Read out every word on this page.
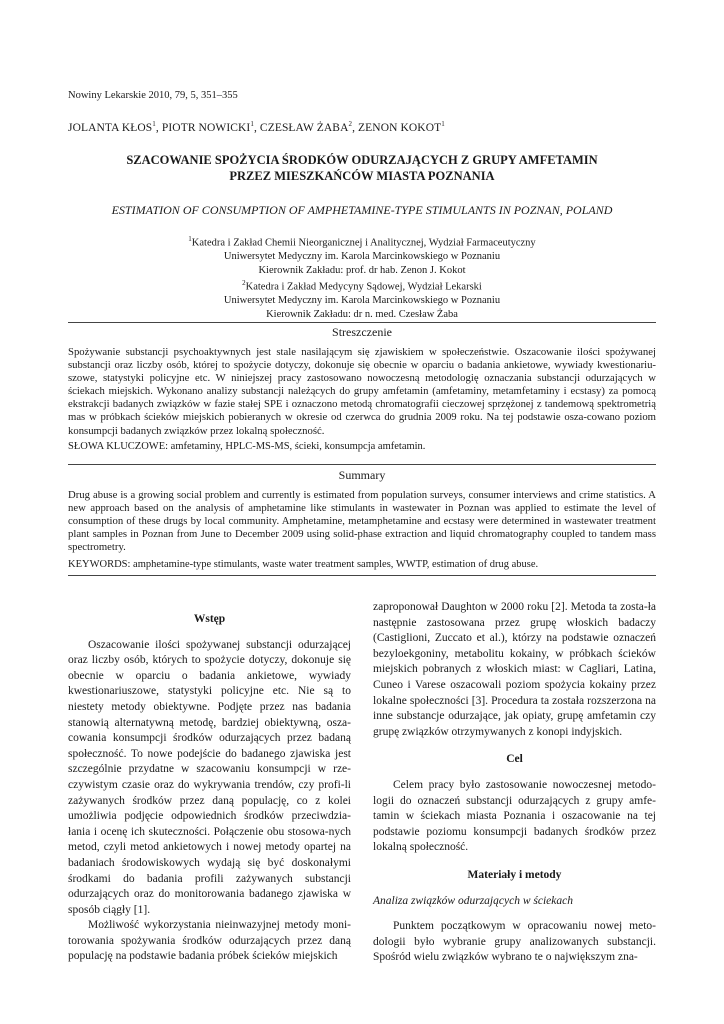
Nowiny Lekarskie 2010, 79, 5, 351–355
JOLANTA KŁOS$^1$, PIOTR NOWICKI$^1$, CZESŁAW ŻABA$^2$, ZENON KOKOT$^1$
SZACOWANIE SPOŻYCIA ŚRODKÓW ODURZAJĄCYCH Z GRUPY AMFETAMIN
PRZEZ MIESZKAŃCÓW MIASTA POZNANIA
ESTIMATION OF CONSUMPTION OF AMPHETAMINE-TYPE STIMULANTS IN POZNAN, POLAND
$^1$Katedra i Zakład Chemii Nieorganicznej i Analitycznej, Wydział Farmaceutyczny
Uniwersytet Medyczny im. Karola Marcinkowskiego w Poznaniu
Kierownik Zakładu: prof. dr hab. Zenon J. Kokot
$^2$Katedra i Zakład Medycyny Sądowej, Wydział Lekarski
Uniwersytet Medyczny im. Karola Marcinkowskiego w Poznaniu
Kierownik Zakładu: dr n. med. Czesław Żaba
Streszczenie

Spożywanie substancji psychoaktywnych jest stale nasilającym się zjawiskiem w społeczeństwie. Oszacowanie ilości spożywanej substancji oraz liczby osób, której to spożycie dotyczy, dokonuje się obecnie w oparciu o badania ankietowe, wywiady kwestionariu-szowe, statystyki policyjne etc. W niniejszej pracy zastosowano nowoczesną metodologię oznaczania substancji odurzających w ściekach miejskich. Wykonano analizy substancji należących do grupy amfetamin (amfetaminy, metamfetaminy i ecstasy) za pomocą ekstrakcji badanych związków w fazie stałej SPE i oznaczono metodą chromatografii cieczowej sprzężonej z tandemową spektrometrią mas w próbkach ścieków miejskich pobieranych w okresie od czerwca do grudnia 2009 roku. Na tej podstawie osza-cowano poziom konsumpcji badanych związków przez lokalną społeczność.

SŁOWA KLUCZOWE: amfetaminy, HPLC-MS-MS, ścieki, konsumpcja amfetamin.
Summary

Drug abuse is a growing social problem and currently is estimated from population surveys, consumer interviews and crime statistics. A new approach based on the analysis of amphetamine like stimulants in wastewater in Poznan was applied to estimate the level of consumption of these drugs by local community. Amphetamine, metamphetamine and ecstasy were determined in wastewater treatment plant samples in Poznan from June to December 2009 using solid-phase extraction and liquid chromatography coupled to tandem mass spectrometry.

KEYWORDS: amphetamine-type stimulants, waste water treatment samples, WWTP, estimation of drug abuse.
Wstęp

Oszacowanie ilości spożywanej substancji odurzającej oraz liczby osób, których to spożycie dotyczy, dokonuje się obecnie w oparciu o badania ankietowe, wywiady kwestionariuszowe, statystyki policyjne etc. Nie są to niestety metody obiektywne. Podjęte przez nas badania stanowią alternatywną metodę, bardziej obiektywną, osza-cowania konsumpcji środków odurzających przez badaną społeczność. To nowe podejście do badanego zjawiska jest szczególnie przydatne w szacowaniu konsumpcji w rze-czywistym czasie oraz do wykrywania trendów, czy profi-li zażywanych środków przez daną populację, co z kolei umożliwia podjęcie odpowiednich środków przeciwdzia-łania i ocenę ich skuteczności. Połączenie obu stosowa-nych metod, czyli metod ankietowych i nowej metody opartej na badaniach środowiskowych wydają się być doskonałymi środkami do badania profili zażywanych substancji odurzających oraz do monitorowania badanego zjawiska w sposób ciągły [1].

Możliwość wykorzystania nieinwazyjnej metody moni-torowania spożywania środków odurzających przez daną populację na podstawie badania próbek ścieków miejskich

zaproponował Daughton w 2000 roku [2]. Metoda ta zosta-ła następnie zastosowana przez grupę włoskich badaczy (Castiglioni, Zuccato et al.), którzy na podstawie oznaczeń bezyloekgoniny, metabolitu kokainy, w próbkach ścieków miejskich pobranych z włoskich miast: w Cagliari, Latina, Cuneo i Varese oszacowali poziom spożycia kokainy przez lokalne społeczności [3]. Procedura ta została rozszerzona na inne substancje odurzające, jak opiaty, grupę amfetamin czy grupę związków otrzymywanych z konopi indyjskich.

Cel

Celem pracy było zastosowanie nowoczesnej metodo-logii do oznaczeń substancji odurzających z grupy amfe-tamin w ściekach miasta Poznania i oszacowanie na tej podstawie poziomu konsumpcji badanych środków przez lokalną społeczność.

Materiały i metody
Analiza związków odurzających w ściekach

Punktem początkowym w opracowaniu nowej meto-dologii było wybranie grupy analizowanych substancji. Spośród wielu związków wybrano te o największym zna-
